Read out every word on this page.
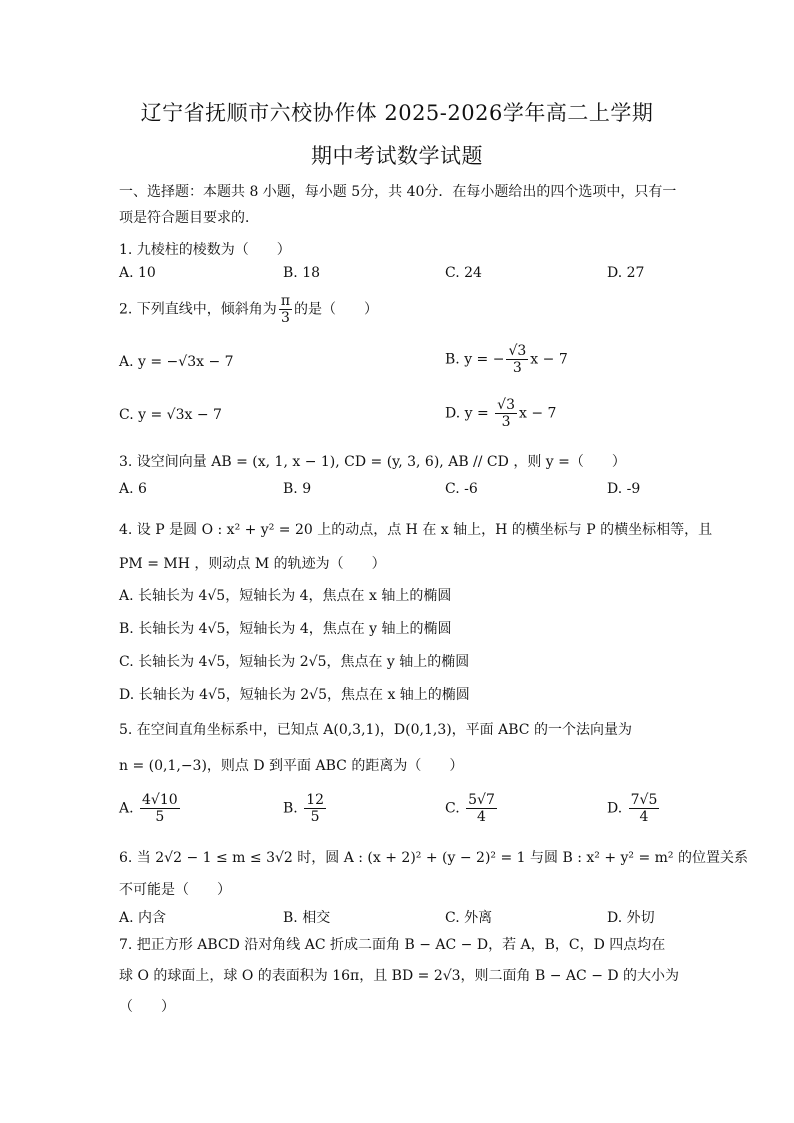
辽宁省抚顺市六校协作体 2025-2026学年高二上学期
期中考试数学试题
一、选择题：本题共 8 小题，每小题 5分，共 40分．在每小题给出的四个选项中，只有一
项是符合题目要求的．
1. 九棱柱的棱数为（　　）
A. 10	B. 18	C. 24	D. 27
2. 下列直线中，倾斜角为 $\frac{\pi}{3}$ 的是（　　）
A. y = −√3x − 7	B. y = − $\frac{√3}{3}$ x − 7
C. y = √3x − 7	D. $y = \frac{√3}{3}$ x − 7
3. 设空间向量 AB = (x, 1, x − 1), CD = (y, 3, 6), AB // CD ，则 y =（　　）
A. 6	B. 9	C. -6	D. -9
4. 设 P 是圆 O : x² + y² = 20 上的动点，点 H 在 x 轴上，H 的横坐标与 P 的横坐标相等，且
PM = MH ，则动点 M 的轨迹为（　　）
A. 长轴长为 4√5，短轴长为 4，焦点在 x 轴上的椭圆
B. 长轴长为 4√5，短轴长为 4，焦点在 y 轴上的椭圆
C. 长轴长为 4√5，短轴长为 2√5，焦点在 y 轴上的椭圆
D. 长轴长为 4√5，短轴长为 2√5，焦点在 x 轴上的椭圆
5. 在空间直角坐标系中，已知点 A(0,3,1)，D(0,1,3)，平面 ABC 的一个法向量为
n = (0,1,−3)，则点 D 到平面 ABC 的距离为（　　）
A. $\frac{4√10}{5}$	B. $\frac{12}{5}$	C. $\frac{5√7}{4}$	D. $\frac{7√5}{4}$
6. 当 2√2 − 1 ≤ m ≤ 3√2 时，圆 A : (x + 2)² + (y − 2)² = 1 与圆 B : x² + y² = m² 的位置关系
不可能是（　　）
A. 内含	B. 相交	C. 外离	D. 外切
7. 把正方形 ABCD 沿对角线 AC 折成二面角 B − AC − D，若 A，B，C，D 四点均在
球 O 的球面上，球 O 的表面积为 16π，且 BD = 2√3，则二面角 B − AC − D 的大小为
（　　）
